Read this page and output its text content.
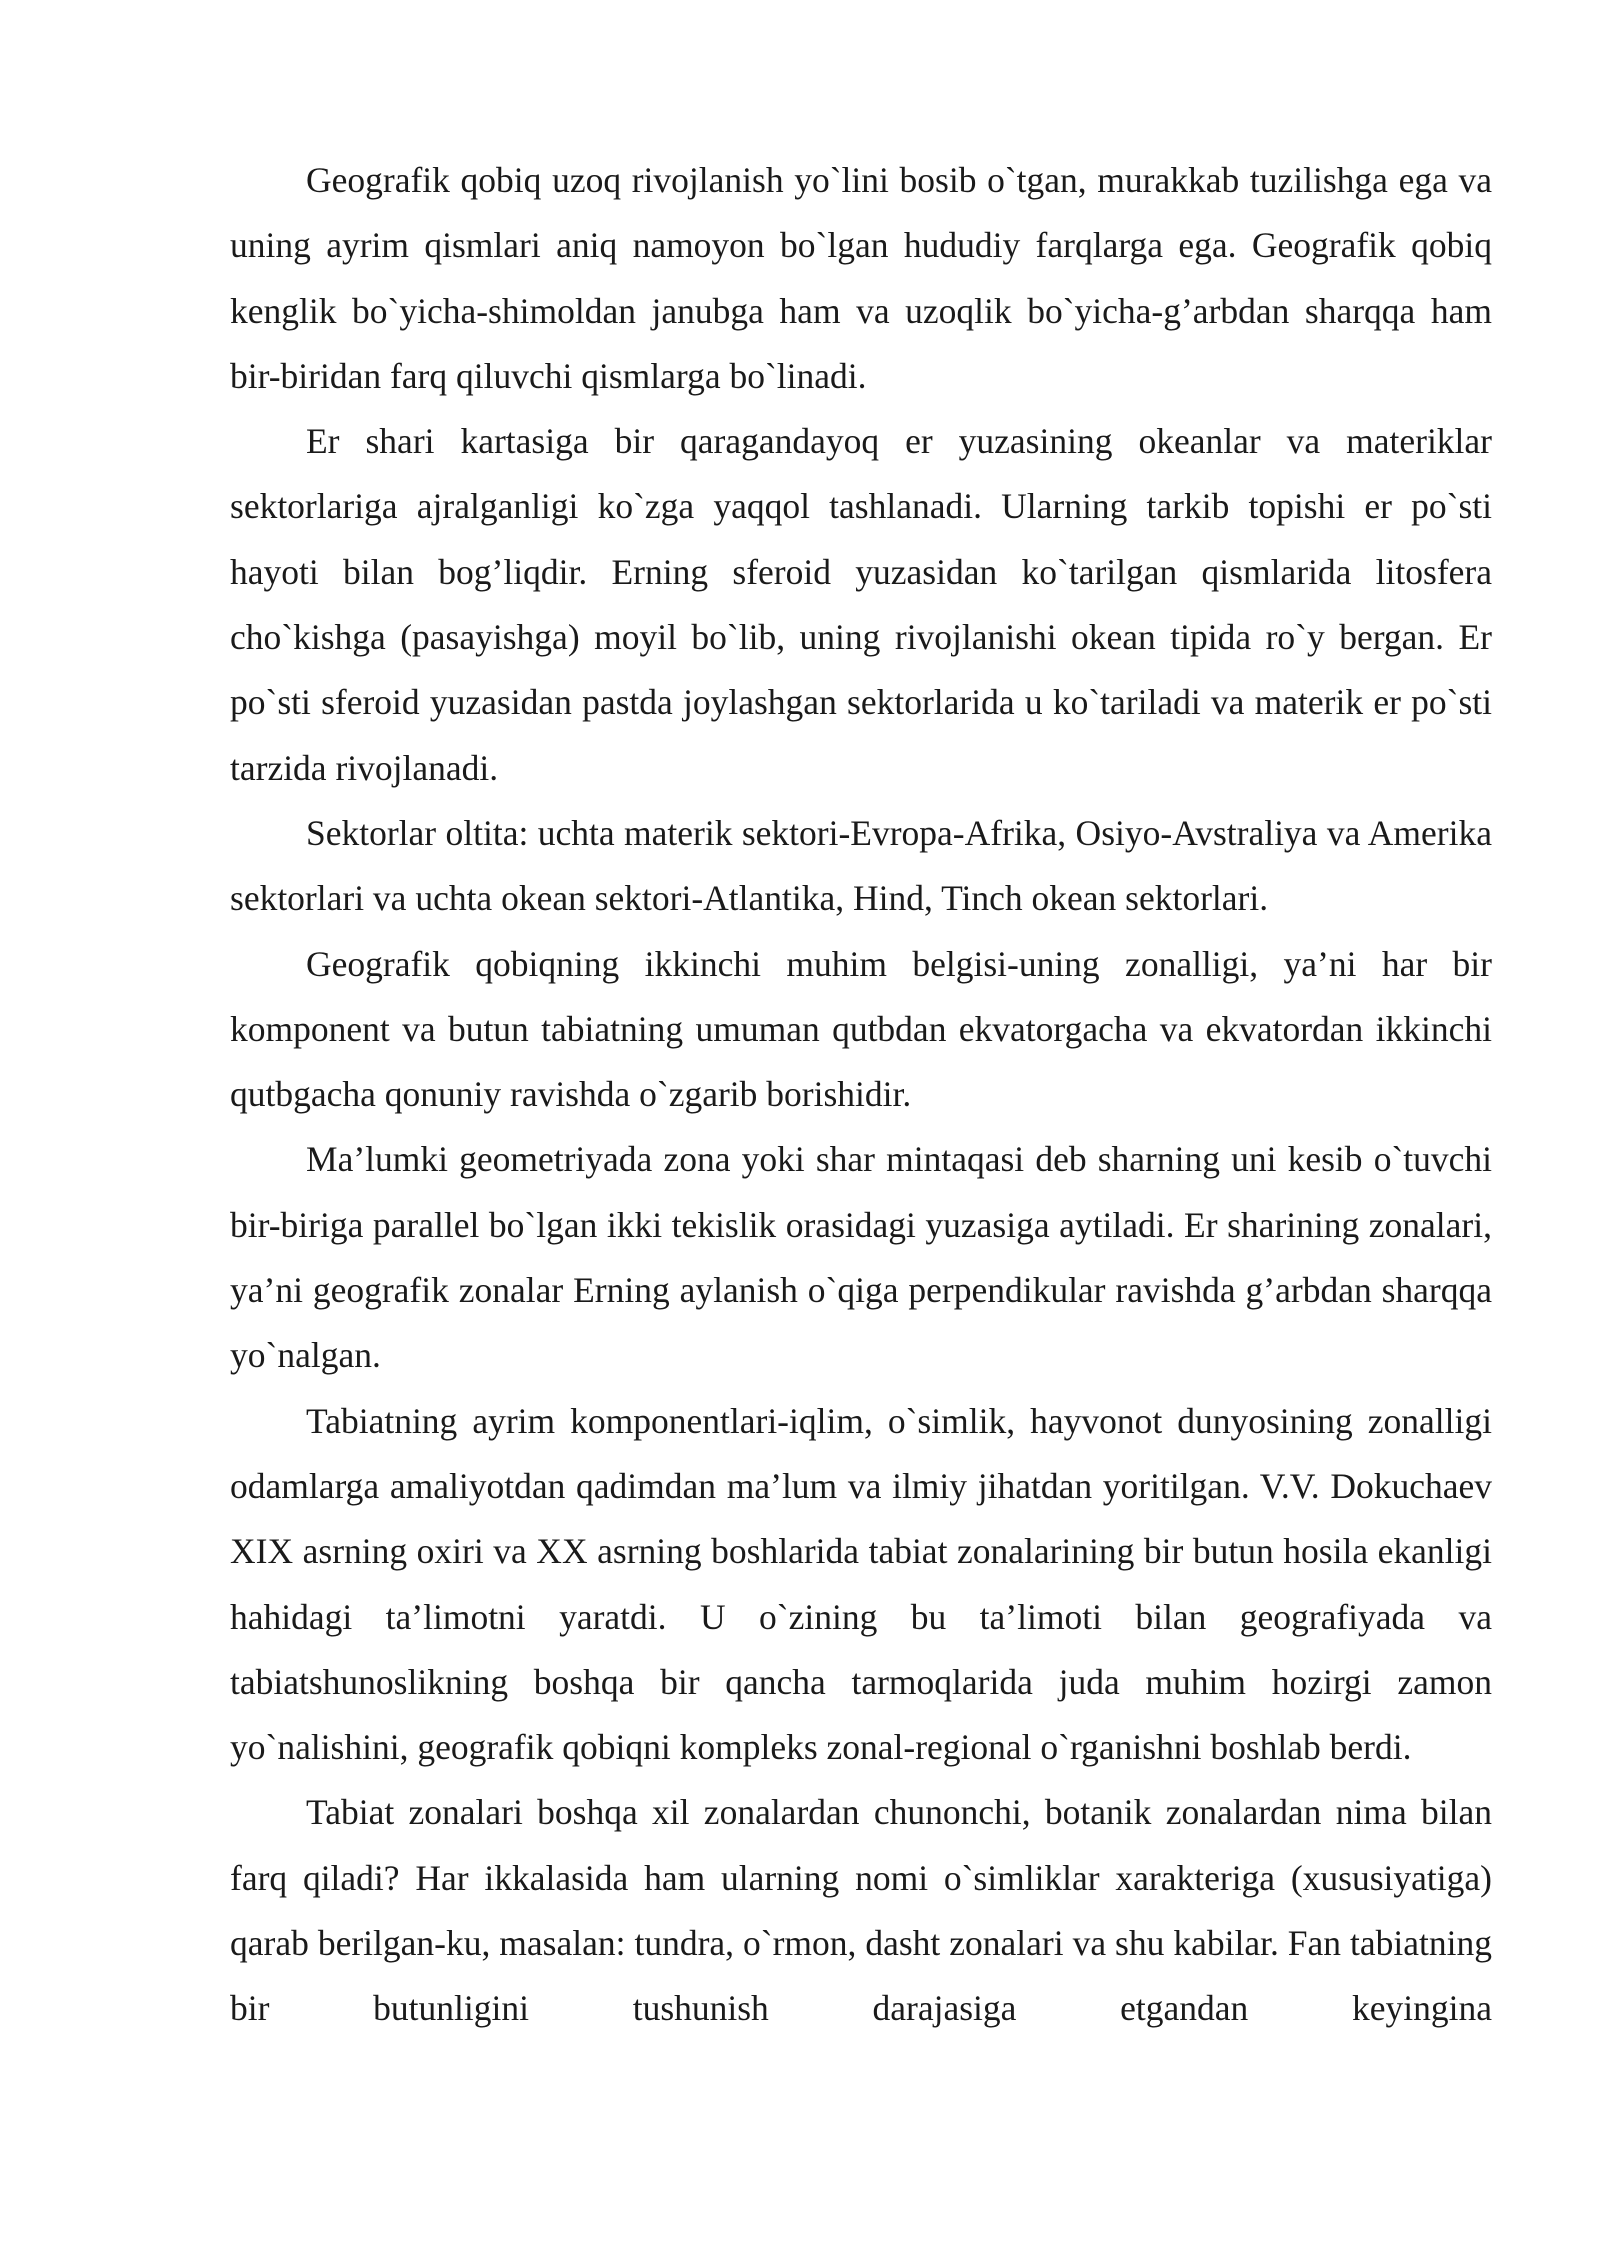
Geografik qobiq uzoq rivojlanish yo`lini bosib o`tgan, murakkab tuzilishga ega va uning ayrim qismlari aniq namoyon bo`lgan hududiy farqlarga ega. Geografik qobiq kenglik bo`yicha-shimoldan janubga ham va uzoqlik bo`yicha-g’arbdan sharqqa ham bir-biridan farq qiluvchi qismlarga bo`linadi.

Er shari kartasiga bir qaragandayoq er yuzasining okeanlar va materiklar sektorlariga ajralganligi ko`zga yaqqol tashlanadi. Ularning tarkib topishi er po`sti hayoti bilan bog’liqdir. Erning sferoid yuzasidan ko`tarilgan qismlarida litosfera cho`kishga (pasayishga) moyil bo`lib, uning rivojlanishi okean tipida ro`y bergan. Er po`sti sferoid yuzasidan pastda joylashgan sektorlarida u ko`tariladi va materik er po`sti tarzida rivojlanadi.

Sektorlar oltita: uchta materik sektori-Evropa-Afrika, Osiyo-Avstraliya va Amerika sektorlari va uchta okean sektori-Atlantika, Hind, Tinch okean sektorlari.

Geografik qobiqning ikkinchi muhim belgisi-uning zonalligi, ya’ni har bir komponent va butun tabiatning umuman qutbdan ekvatorgacha va ekvatordan ikkinchi qutbgacha qonuniy ravishda o`zgarib borishidir.

Ma’lumki geometriyada zona yoki shar mintaqasi deb sharning uni kesib o`tuvchi bir-biriga parallel bo`lgan ikki tekislik orasidagi yuzasiga aytiladi. Er sharining zonalari, ya’ni geografik zonalar Erning aylanish o`qiga perpendikular ravishda g’arbdan sharqqa yo`nalgan.

Tabiatning ayrim komponentlari-iqlim, o`simlik, hayvonot dunyosining zonalligi odamlarga amaliyotdan qadimdan ma’lum va ilmiy jihatdan yoritilgan. V.V. Dokuchaev XIX asrning oxiri va XX asrning boshlarida tabiat zonalarining bir butun hosila ekanligi hahidagi ta’limotni yaratdi. U o`zining bu ta’limoti bilan geografiyada va tabiatshunoslikning boshqa bir qancha tarmoqlarida juda muhim hozirgi zamon yo`nalishini, geografik qobiqni kompleks zonal-regional o`rganishni boshlab berdi.

Tabiat zonalari boshqa xil zonalardan chunonchi, botanik zonalardan nima bilan farq qiladi? Har ikkalasida ham ularning nomi o`simliklar xarakteriga (xususiyatiga) qarab berilgan-ku, masalan: tundra, o`rmon, dasht zonalari va shu kabilar. Fan tabiatning bir butunligini tushunish darajasiga etgandan keyingina
